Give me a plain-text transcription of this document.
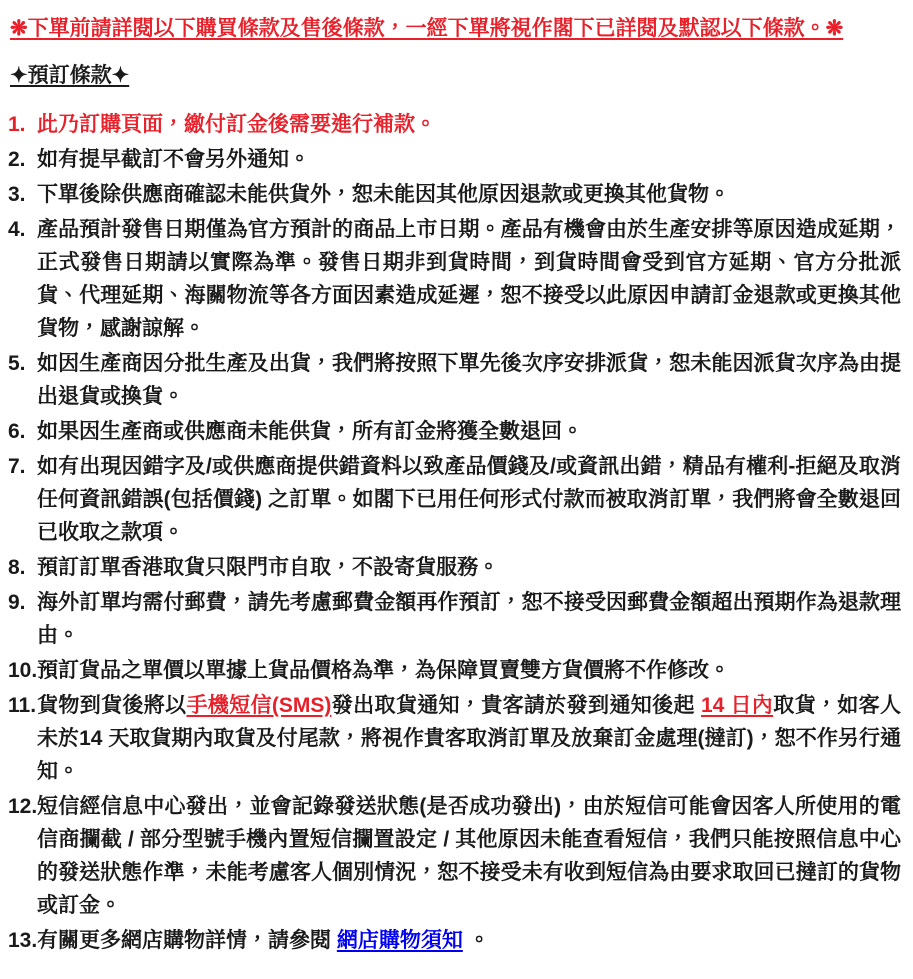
❋下單前請詳閱以下購買條款及售後條款，一經下單將視作閣下已詳閱及默認以下條款。❋
✦預訂條款✦
1. 此乃訂購頁面，繳付訂金後需要進行補款。
2. 如有提早截訂不會另外通知。
3. 下單後除供應商確認未能供貨外，恕未能因其他原因退款或更換其他貨物。
4. 產品預計發售日期僅為官方預計的商品上市日期。產品有機會由於生產安排等原因造成延期，正式發售日期請以實際為準。發售日期非到貨時間，到貨時間會受到官方延期、官方分批派貨、代理延期、海關物流等各方面因素造成延遲，恕不接受以此原因申請訂金退款或更換其他貨物，感謝諒解。
5. 如因生產商因分批生產及出貨，我們將按照下單先後次序安排派貨，恕未能因派貨次序為由提出退貨或換貨。
6. 如果因生產商或供應商未能供貨，所有訂金將獲全數退回。
7. 如有出現因錯字及/或供應商提供錯資料以致產品價錢及/或資訊出錯，精品有權利-拒絕及取消任何資訊錯誤(包括價錢) 之訂單。如閣下已用任何形式付款而被取消訂單，我們將會全數退回已收取之款項。
8. 預訂訂單香港取貨只限門市自取，不設寄貨服務。
9. 海外訂單均需付郵費，請先考慮郵費金額再作預訂，恕不接受因郵費金額超出預期作為退款理由。
10. 預訂貨品之單價以單據上貨品價格為準，為保障買賣雙方貨價將不作修改。
11. 貨物到貨後將以手機短信(SMS)發出取貨通知，貴客請於發到通知後起 14 日內取貨，如客人未於14 天取貨期內取貨及付尾款，將視作貴客取消訂單及放棄訂金處理(撻訂)，恕不作另行通知。
12. 短信經信息中心發出，並會記錄發送狀態(是否成功發出)，由於短信可能會因客人所使用的電信商攔截 / 部分型號手機內置短信攔置設定 / 其他原因未能查看短信，我們只能按照信息中心的發送狀態作準，未能考慮客人個別情況，恕不接受未有收到短信為由要求取回已撻訂的貨物或訂金。
13. 有關更多網店購物詳情，請參閱 網店購物須知 。
